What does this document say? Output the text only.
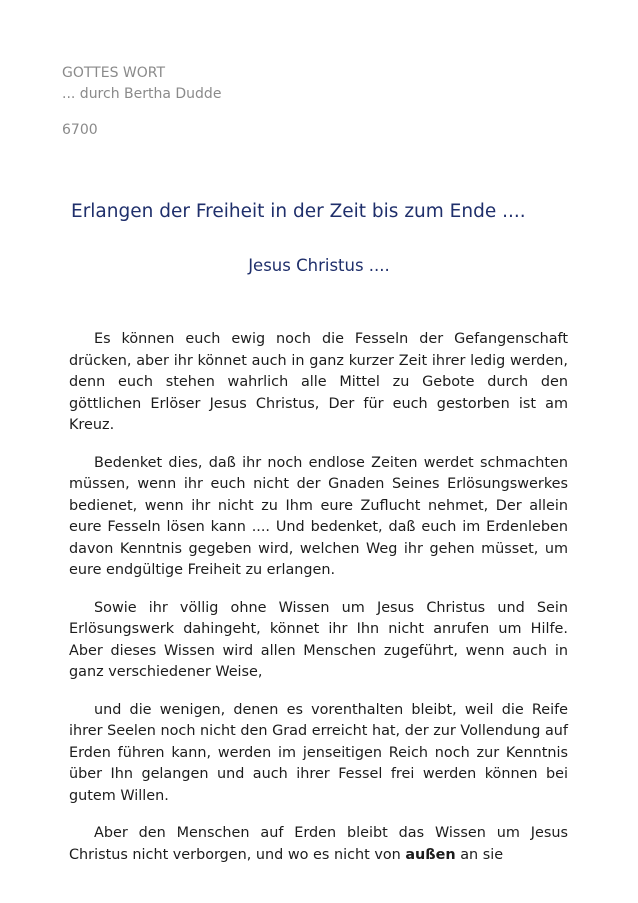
GOTTES WORT
... durch Bertha Dudde
6700
Erlangen der Freiheit in der Zeit bis zum Ende ....
Jesus Christus ....

Es können euch ewig noch die Fesseln der Gefangenschaft drücken, aber ihr könnet auch in ganz kurzer Zeit ihrer ledig werden, denn euch stehen wahrlich alle Mittel zu Gebote durch den göttlichen Erlöser Jesus Christus, Der für euch gestorben ist am Kreuz.

Bedenket dies, daß ihr noch endlose Zeiten werdet schmachten müssen, wenn ihr euch nicht der Gnaden Seines Erlösungswerkes bedienet, wenn ihr nicht zu Ihm eure Zuflucht nehmet, Der allein eure Fesseln lösen kann .... Und bedenket, daß euch im Erdenleben davon Kenntnis gegeben wird, welchen Weg ihr gehen müsset, um eure endgültige Freiheit zu erlangen.

Sowie ihr völlig ohne Wissen um Jesus Christus und Sein Erlösungswerk dahingeht, könnet ihr Ihn nicht anrufen um Hilfe. Aber dieses Wissen wird allen Menschen zugeführt, wenn auch in ganz verschiedener Weise,

und die wenigen, denen es vorenthalten bleibt, weil die Reife ihrer Seelen noch nicht den Grad erreicht hat, der zur Vollendung auf Erden führen kann, werden im jenseitigen Reich noch zur Kenntnis über Ihn gelangen und auch ihrer Fessel frei werden können bei gutem Willen.

Aber den Menschen auf Erden bleibt das Wissen um Jesus Christus nicht verborgen, und wo es nicht von außen an sie
